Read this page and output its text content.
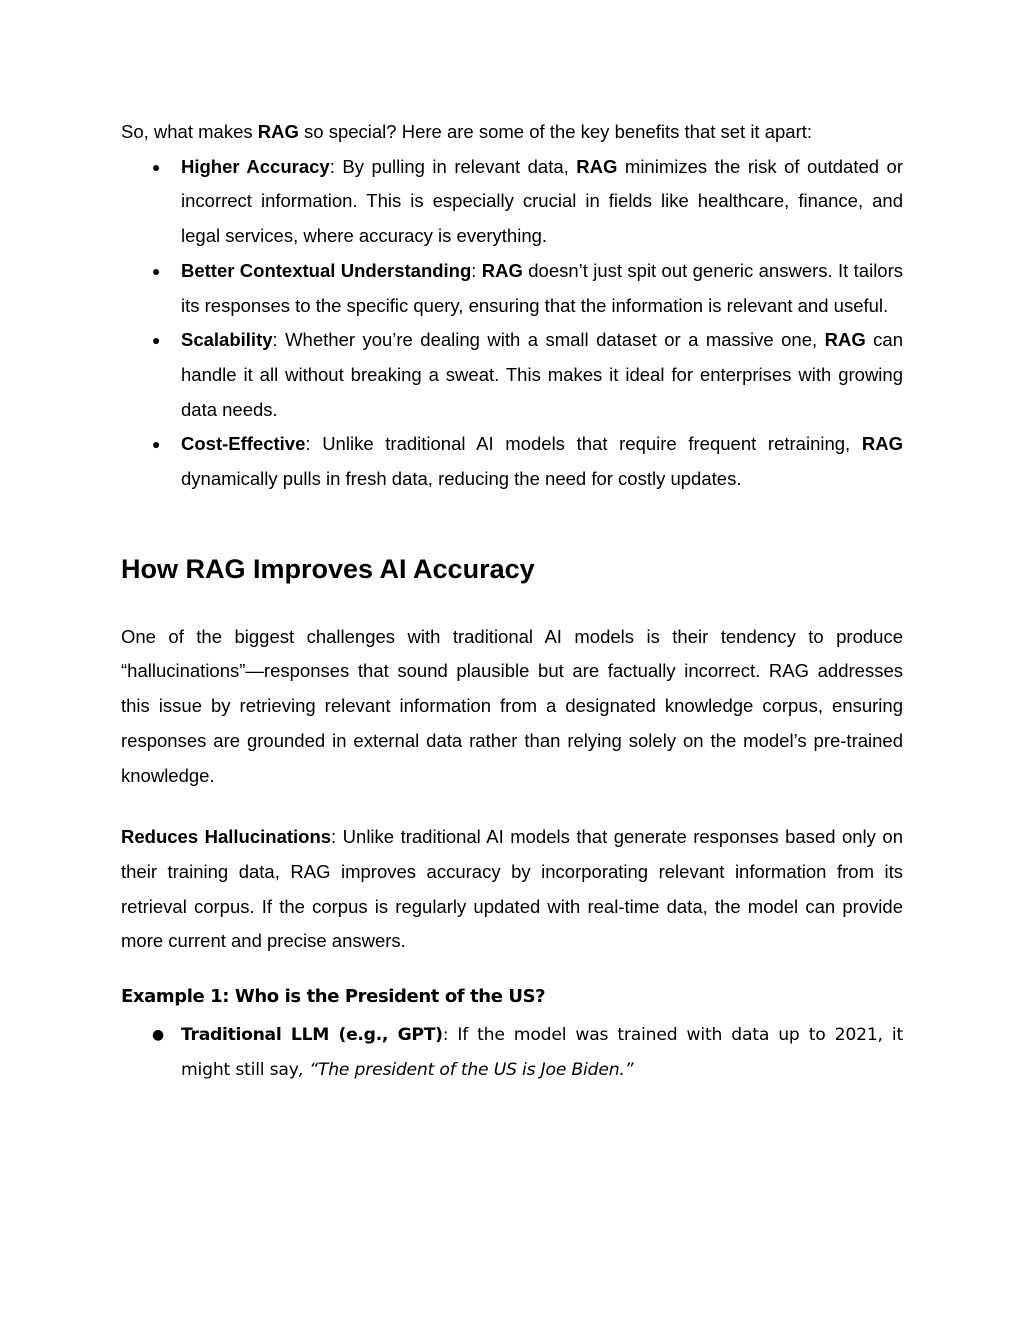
So, what makes RAG so special? Here are some of the key benefits that set it apart:

● Higher Accuracy: By pulling in relevant data, RAG minimizes the risk of outdated or incorrect information. This is especially crucial in fields like healthcare, finance, and legal services, where accuracy is everything.
● Better Contextual Understanding: RAG doesn’t just spit out generic answers. It tailors its responses to the specific query, ensuring that the information is relevant and useful.
● Scalability: Whether you’re dealing with a small dataset or a massive one, RAG can handle it all without breaking a sweat. This makes it ideal for enterprises with growing data needs.
● Cost-Effective: Unlike traditional AI models that require frequent retraining, RAG dynamically pulls in fresh data, reducing the need for costly updates.
How RAG Improves AI Accuracy

One of the biggest challenges with traditional AI models is their tendency to produce “hallucinations”—responses that sound plausible but are factually incorrect. RAG addresses this issue by retrieving relevant information from a designated knowledge corpus, ensuring responses are grounded in external data rather than relying solely on the model’s pre-trained knowledge.

Reduces Hallucinations: Unlike traditional AI models that generate responses based only on their training data, RAG improves accuracy by incorporating relevant information from its retrieval corpus. If the corpus is regularly updated with real-time data, the model can provide more current and precise answers.

Example 1: Who is the President of the US?
● Traditional LLM (e.g., GPT): If the model was trained with data up to 2021, it might still say, “The president of the US is Joe Biden.”
